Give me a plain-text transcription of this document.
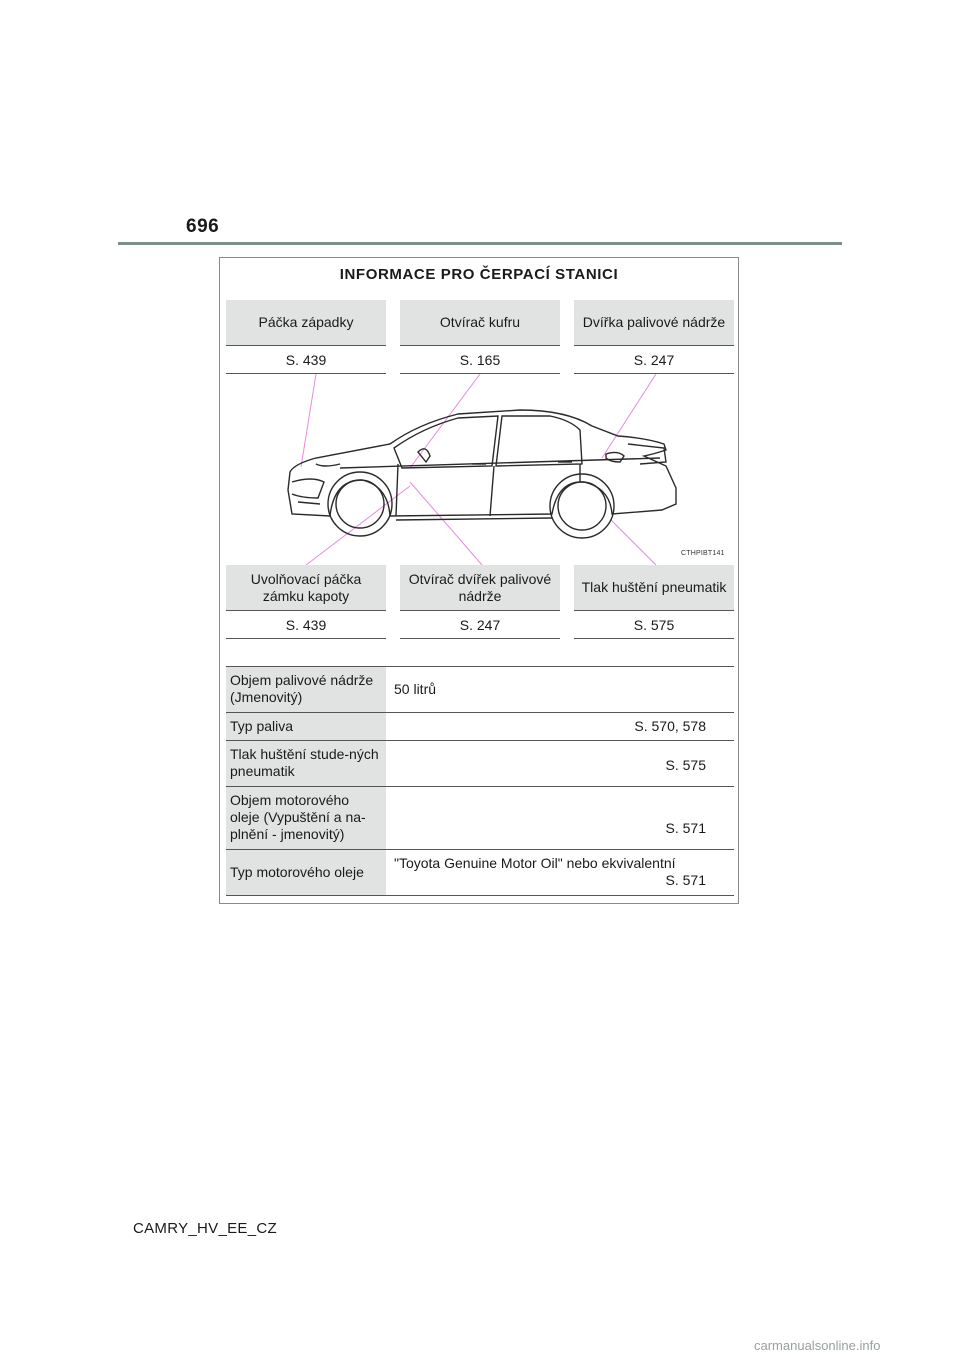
696
INFORMACE PRO ČERPACÍ STANICI
Páčka západky
S. 439
Otvírač kufru
S. 165
Dvířka palivové nádrže
S. 247
CTHPIBT141
Uvolňovací páčka zámku kapoty
S. 439
Otvírač dvířek palivové nádrže
S. 247
Tlak huštění pneumatik
S. 575
Objem palivové nádrže (Jmenovitý)	50 litrů
Typ paliva	S. 570, 578
Tlak huštění stude-ných pneumatik	S. 575

Objem motorového oleje (Vypuštění a na-plnění - jmenovitý)	S. 571

Typ motorového oleje	"Toyota Genuine Motor Oil" nebo ekvivalentní
S. 571
CAMRY_HV_EE_CZ
carmanualsonline.info
